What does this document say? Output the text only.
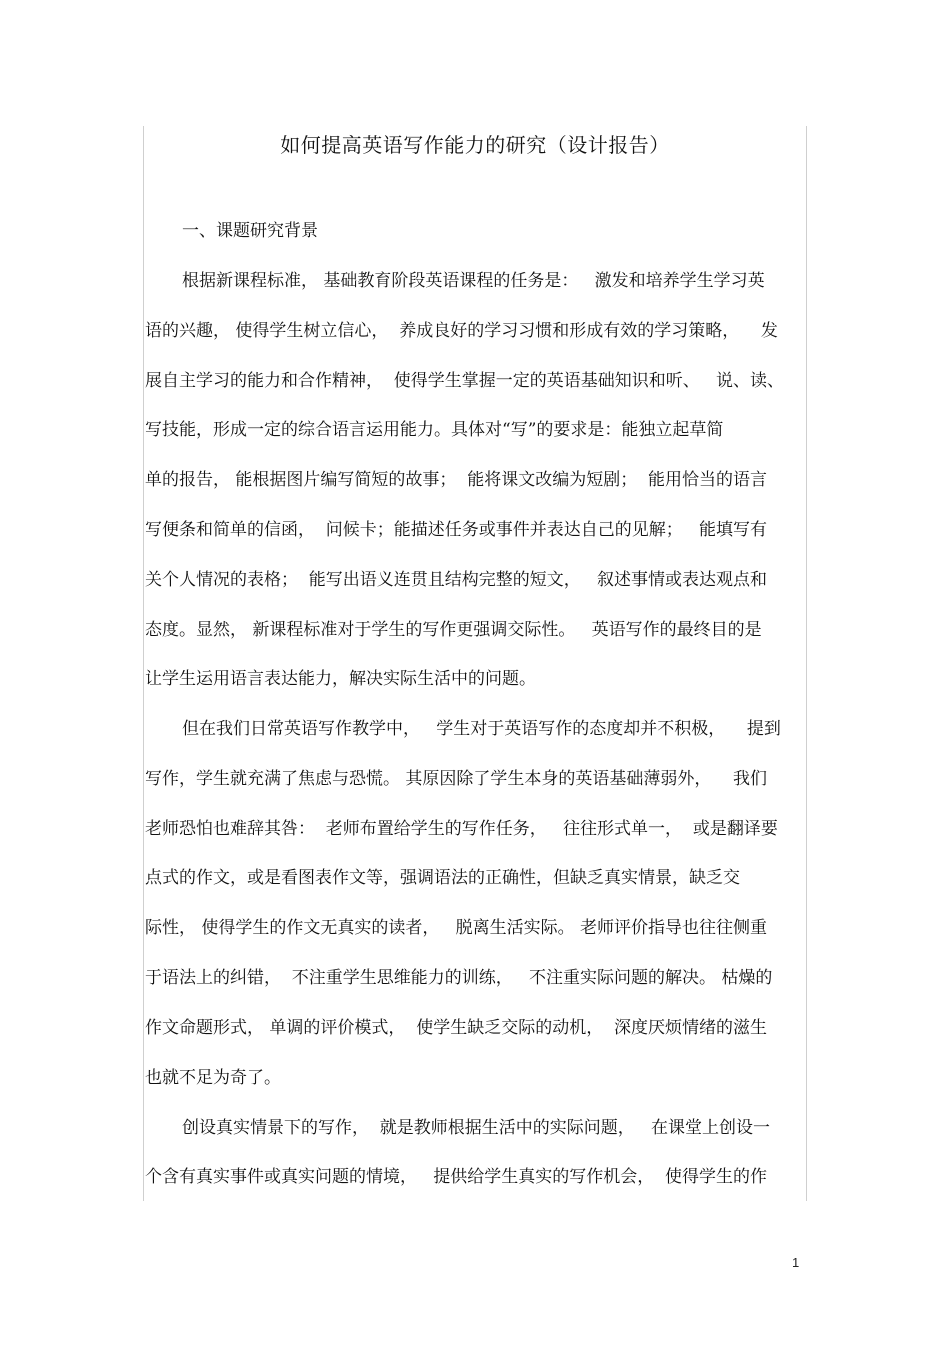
如何提高英语写作能力的研究（设计报告）
一、课题研究背景
根据新课程标准， 基础教育阶段英语课程的任务是：   激发和培养学生学习英
语的兴趣， 使得学生树立信心，  养成良好的学习习惯和形成有效的学习策略，    发
展自主学习的能力和合作精神，  使得学生掌握一定的英语基础知识和听、   说、读、
写技能，形成一定的综合语言运用能力。具体对“写”的要求是：能独立起草简
单的报告， 能根据图片编写简短的故事；  能将课文改编为短剧；  能用恰当的语言
写便条和简单的信函，  问候卡；能描述任务或事件并表达自己的见解；   能填写有
关个人情况的表格；  能写出语义连贯且结构完整的短文，   叙述事情或表达观点和
态度。显然， 新课程标准对于学生的写作更强调交际性。   英语写作的最终目的是
让学生运用语言表达能力，解决实际生活中的问题。
但在我们日常英语写作教学中，   学生对于英语写作的态度却并不积极，    提到
写作，学生就充满了焦虑与恐慌。 其原因除了学生本身的英语基础薄弱外，    我们
老师恐怕也难辞其咎：  老师布置给学生的写作任务，   往往形式单一，  或是翻译要
点式的作文，或是看图表作文等，强调语法的正确性，但缺乏真实情景，缺乏交
际性， 使得学生的作文无真实的读者，   脱离生活实际。 老师评价指导也往往侧重
于语法上的纠错，  不注重学生思维能力的训练，   不注重实际问题的解决。 枯燥的
作文命题形式， 单调的评价模式，  使学生缺乏交际的动机，  深度厌烦情绪的滋生
也就不足为奇了。
创设真实情景下的写作，  就是教师根据生活中的实际问题，   在课堂上创设一
个含有真实事件或真实问题的情境，   提供给学生真实的写作机会，  使得学生的作
1
